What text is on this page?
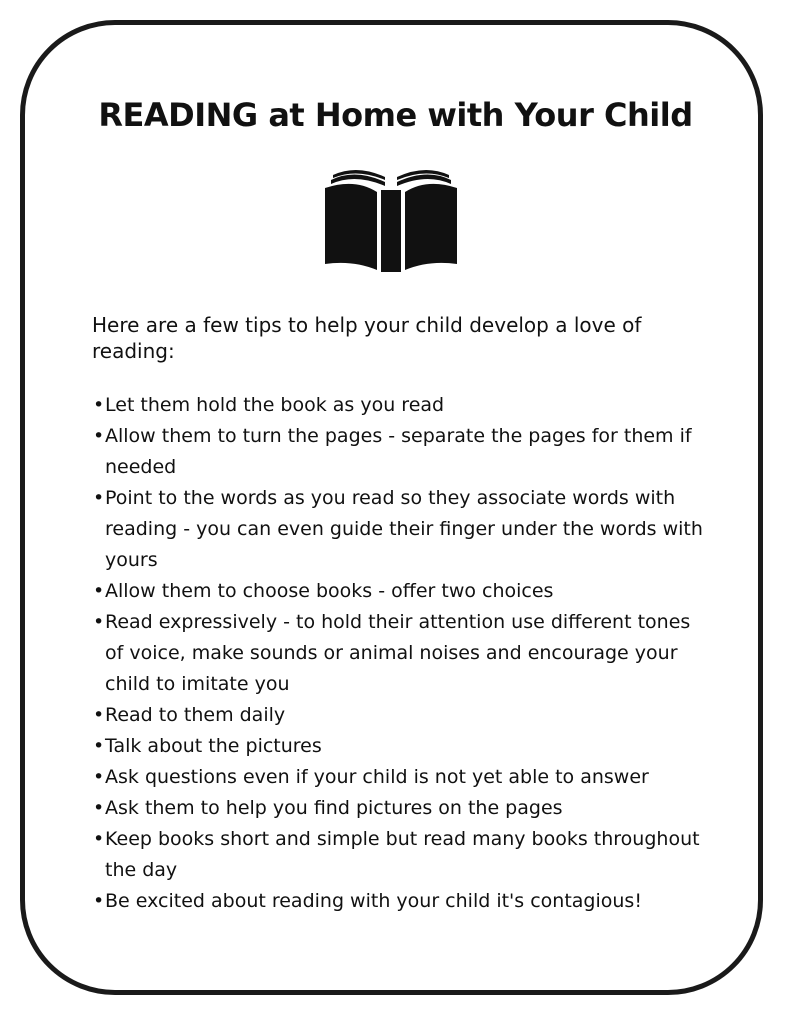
READING at Home with Your Child

Here are a few tips to help your child develop a love of reading:

• Let them hold the book as you read
• Allow them to turn the pages - separate the pages for them if needed
• Point to the words as you read so they associate words with reading - you can even guide their finger under the words with yours
• Allow them to choose books - offer two choices
• Read expressively - to hold their attention use different tones of voice, make sounds or animal noises and encourage your child to imitate you
• Read to them daily
• Talk about the pictures
• Ask questions even if your child is not yet able to answer
• Ask them to help you find pictures on the pages
• Keep books short and simple but read many books throughout the day
• Be excited about reading with your child it's contagious!
